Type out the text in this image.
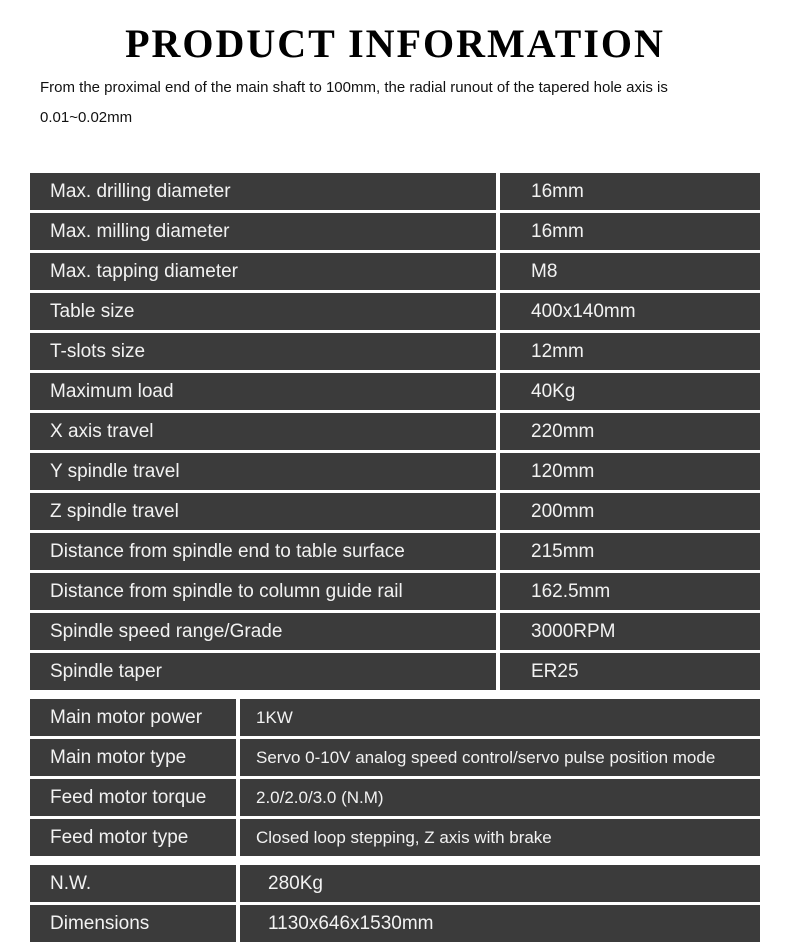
PRODUCT INFORMATION

From the proximal end of the main shaft to 100mm, the radial runout of the tapered hole axis is 0.01~0.02mm

Max. drilling diameter	16mm
Max. milling diameter	16mm
Max. tapping diameter	M8
Table size	400x140mm
T-slots size	12mm
Maximum load	40Kg
X axis travel	220mm
Y spindle travel	120mm
Z spindle travel	200mm
Distance from spindle end to table surface	215mm
Distance from spindle to column guide rail	162.5mm
Spindle speed range/Grade	3000RPM
Spindle taper	ER25
Main motor power	1KW
Main motor type	Servo 0-10V analog speed control/servo pulse position mode
Feed motor torque	2.0/2.0/3.0 (N.M)
Feed motor type	Closed loop stepping, Z axis with brake
N.W.	280Kg
Dimensions	1130x646x1530mm
